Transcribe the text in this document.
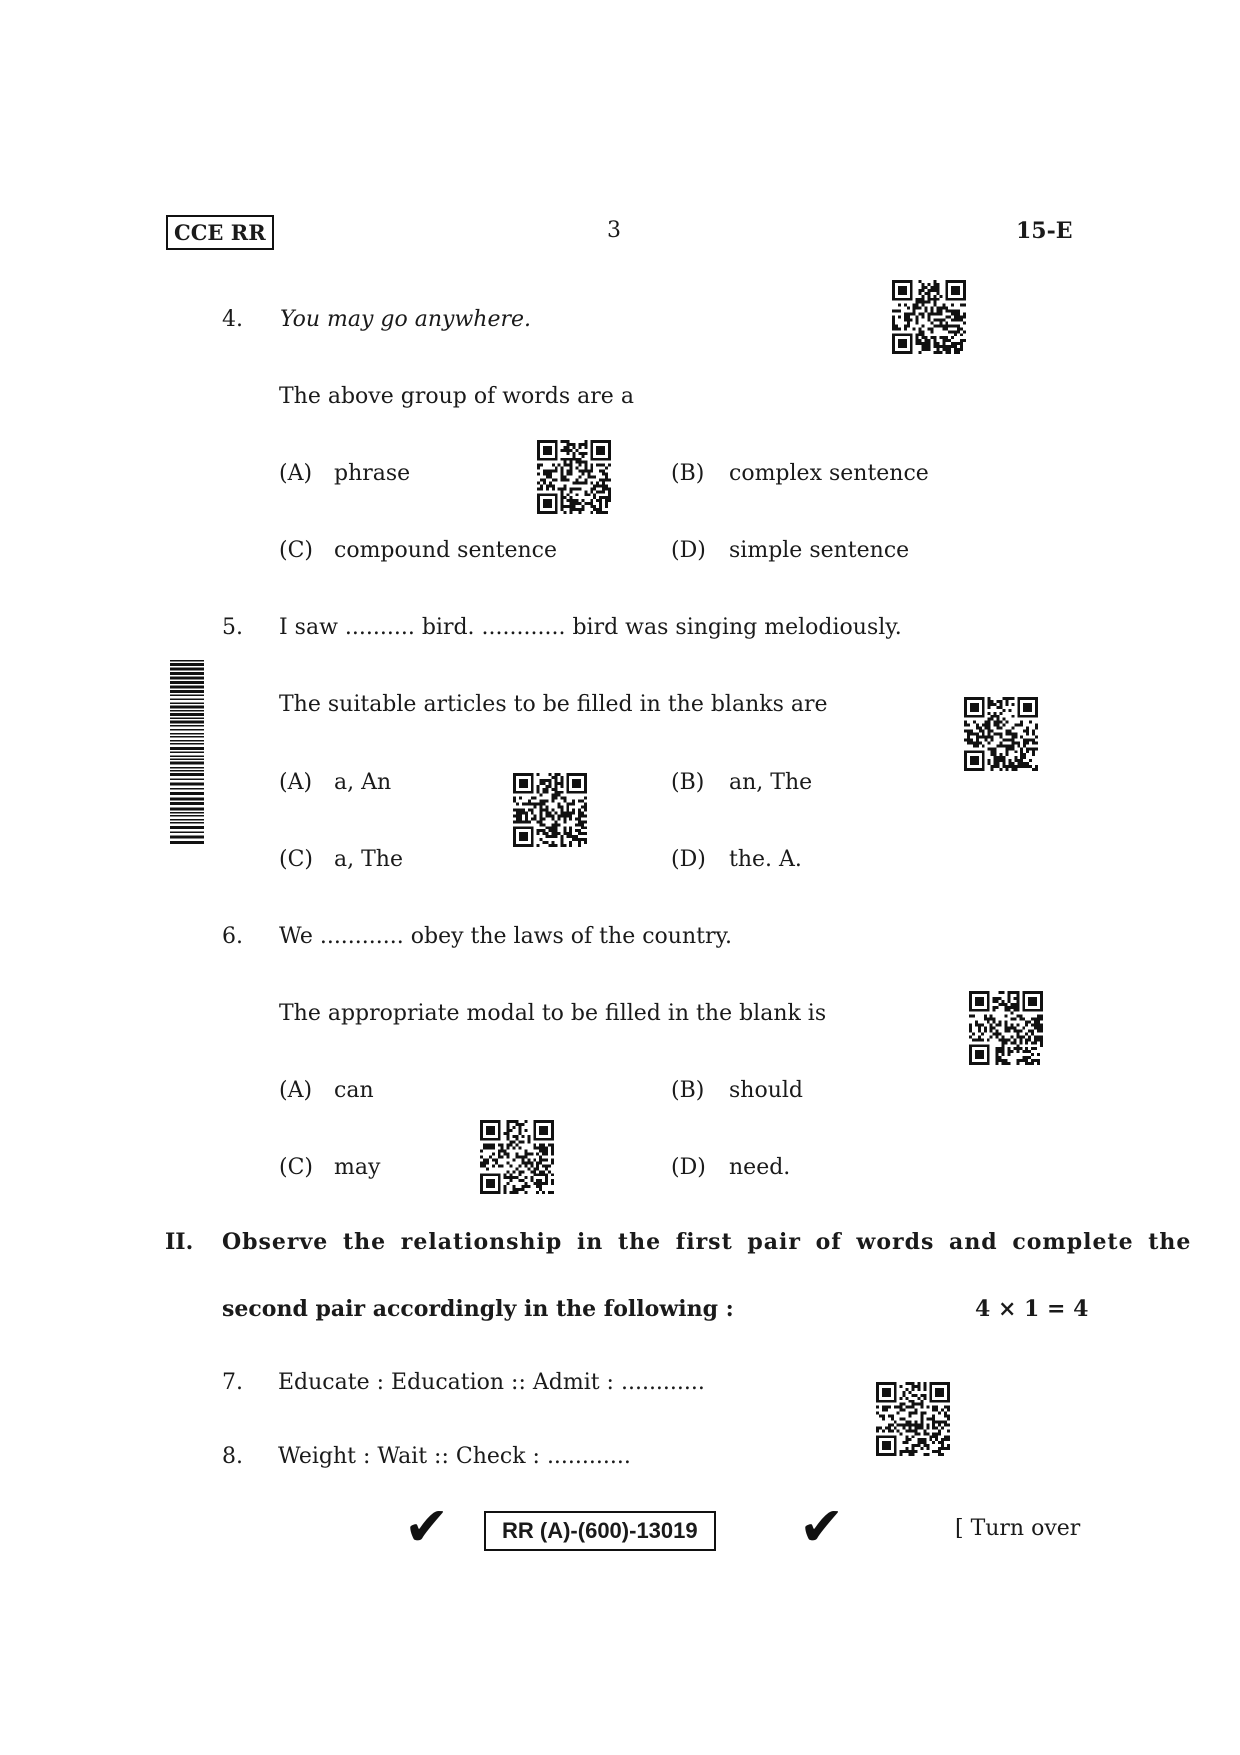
CCE RR	3	15-E
4. You may go anywhere.
The above group of words are a
(A) phrase	(B) complex sentence
(C) compound sentence	(D) simple sentence
5. I saw .......... bird. ............ bird was singing melodiously.
The suitable articles to be filled in the blanks are
(A) a, An	(B) an, The
(C) a, The	(D) the. A.
6. We ............ obey the laws of the country.
The appropriate modal to be filled in the blank is
(A) can	(B) should
(C) may	(D) need.
II. Observe the relationship in the first pair of words and complete the
second pair accordingly in the following :	4 × 1 = 4
7. Educate : Education :: Admit : ............
8. Weight : Wait :: Check : ............
✔	RR (A)-(600)-13019	✔	[ Turn over
